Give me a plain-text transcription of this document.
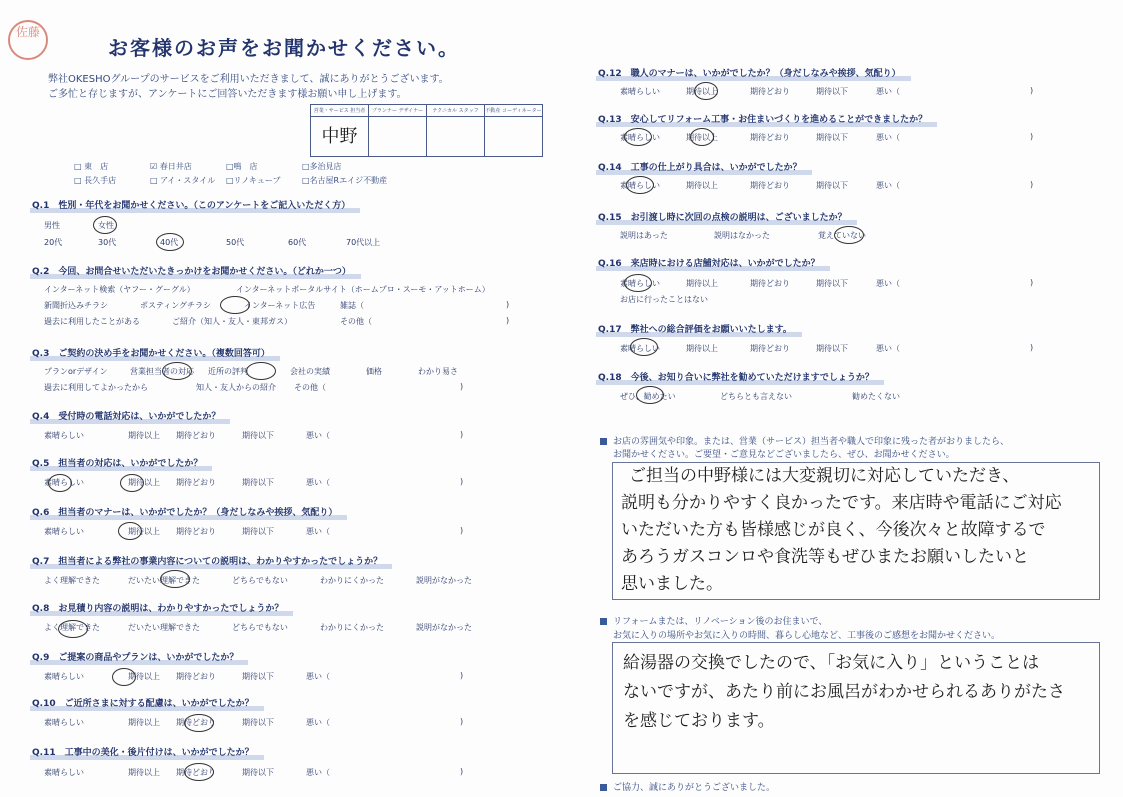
佐藤
お客様のお声をお聞かせください。
弊社OKESHOグループのサービスをご利用いただきまして、誠にありがとうございます。
ご多忙と存じますが、アンケートにご回答いただきます様お願い申し上げます。
営業・サービス 担当者	プランナー デザイナー	テクニカル スタッフ	不動産 コーディネーター
中野			
□ 東　店	☑ 春日井店	□鳴　店	□多治見店
□ 長久手店	□ アイ・スタイル □リノキューブ	□名古屋Rエイジ不動産
Q.1　性別・年代をお聞かせください。（このアンケートをご記入いただく方）
男性	女性
20代	30代	40代	50代	60代	70代以上
Q.2　今回、お問合せいただいたきっかけをお聞かせください。（どれか一つ）
インターネット検索（ヤフー・グーグル）	インターネットポータルサイト（ホームプロ・スーモ・アットホーム）
新聞折込みチラシ	ポスティングチラシ	インターネット広告	雑誌（	)
過去に利用したことがある	ご紹介（知人・友人・東邦ガス）	その他（	)
Q.3　ご契約の決め手をお聞かせください。（複数回答可）
プランorデザイン	営業担当者の対応 近所の評判	会社の実績	価格	わかり易さ
過去に利用してよかったから	知人・友人からの紹介 その他（	)
Q.4　受付時の電話対応は、いかがでしたか？
素晴らしい	期待以上 期待どおり	期待以下	悪い（	)
Q.5　担当者の対応は、いかがでしたか？
素晴らしい	期待以上 期待どおり	期待以下	悪い（	)
Q.6　担当者のマナーは、いかがでしたか？（身だしなみや挨拶、気配り）
素晴らしい	期待以上 期待どおり	期待以下	悪い（	)
Q.7　担当者による弊社の事業内容についての説明は、わかりやすかったでしょうか？
よく理解できた	だいたい理解できた	どちらでもない	わかりにくかった	説明がなかった
Q.8　お見積り内容の説明は、わかりやすかったでしょうか？
よく理解できた	だいたい理解できた	どちらでもない	わかりにくかった	説明がなかった
Q.9　ご提案の商品やプランは、いかがでしたか？
素晴らしい	期待以上 期待どおり	期待以下	悪い（	)
Q.10　ご近所さまに対する配慮は、いかがでしたか？
素晴らしい	期待以上 期待どおり	期待以下	悪い（	)
Q.11　工事中の美化・後片付けは、いかがでしたか？
素晴らしい	期待以上 期待どおり	期待以下	悪い（	)
Q.12　職人のマナーは、いかがでしたか？（身だしなみや挨拶、気配り）
素晴らしい	期待以上	期待どおり	期待以下	悪い（	)
Q.13　安心してリフォーム工事・お住まいづくりを進めることができましたか？
素晴らしい	期待以上	期待どおり	期待以下	悪い（	)
Q.14　工事の仕上がり具合は、いかがでしたか？
素晴らしい	期待以上	期待どおり	期待以下	悪い（	)
Q.15　お引渡し時に次回の点検の説明は、ございましたか？
説明はあった	説明はなかった	覚えていない
Q.16　来店時における店舗対応は、いかがでしたか？
素晴らしい	期待以上	期待どおり	期待以下	悪い（	)
お店に行ったことはない
Q.17　弊社への総合評価をお願いいたします。
素晴らしい	期待以上	期待どおり	期待以下	悪い（	)
Q.18　今後、お知り合いに弊社を勧めていただけますでしょうか？
ぜひ、勧めたい	どちらとも言えない	勧めたくない
お店の雰囲気や印象。または、営業（サービス）担当者や職人で印象に残った者がおりましたら、
お聞かせください。ご要望・ご意見などございましたら、ぜひ、お聞かせください。
ご担当の中野様には大変親切に対応していただき、
説明も分かりやすく良かったです。来店時や電話にご対応
いただいた方も皆様感じが良く、今後次々と故障するで
あろうガスコンロや食洗等もぜひまたお願いしたいと
思いました。
リフォームまたは、リノベーション後のお住まいで、
お気に入りの場所やお気に入りの時間、暮らし心地など、工事後のご感想をお聞かせください。
給湯器の交換でしたので、「お気に入り」ということは
ないですが、あたり前にお風呂がわかせられるありがたさ
を感じております。
ご協力、誠にありがとうございました。
